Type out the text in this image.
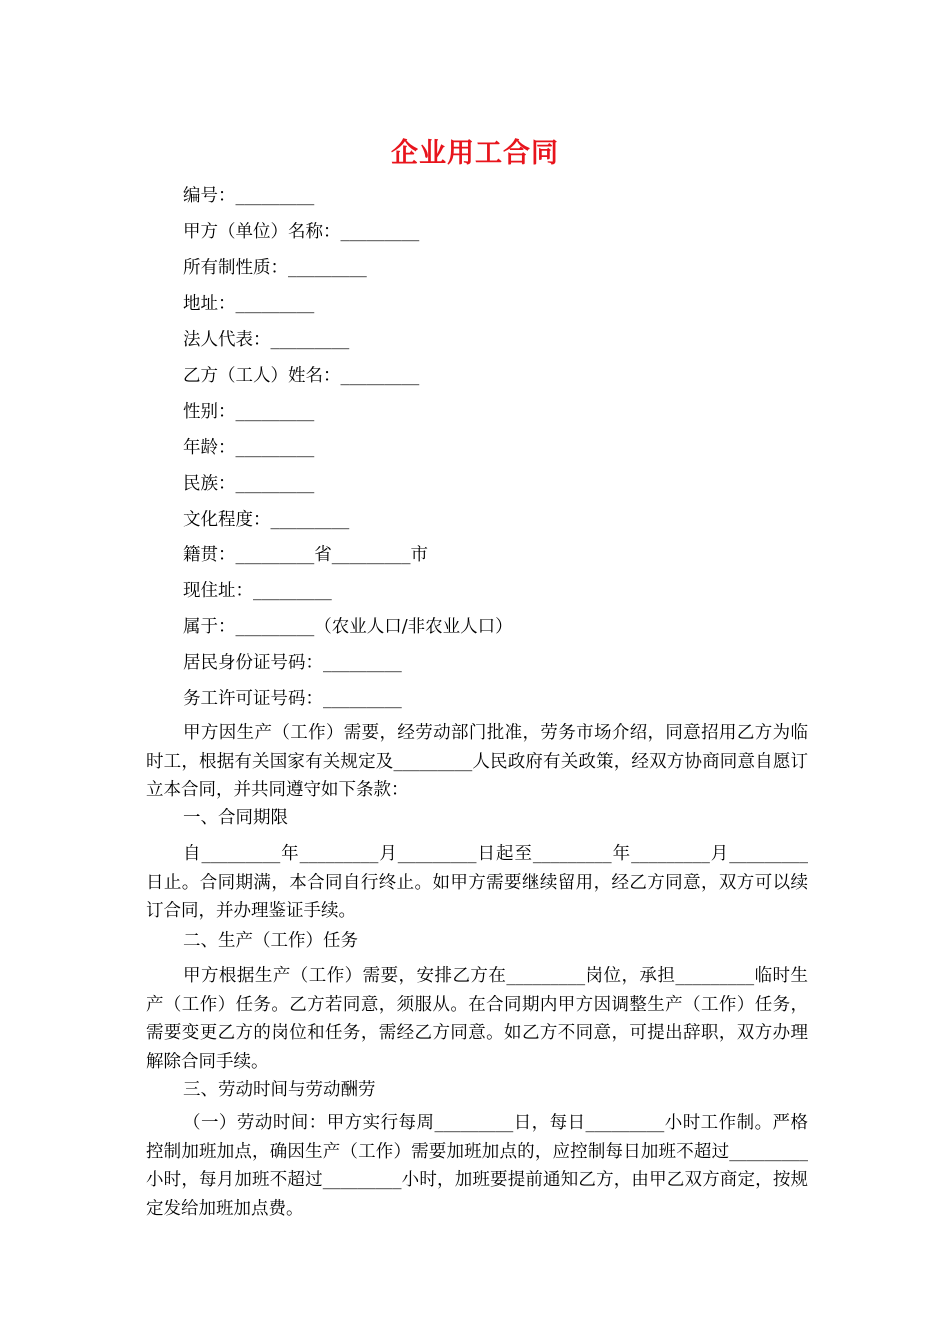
企业用工合同
编号：_________
甲方（单位）名称：_________
所有制性质：_________
地址：_________
法人代表：_________
乙方（工人）姓名：_________
性别：_________
年龄：_________
民族：_________
文化程度：_________
籍贯：_________省_________市
现住址：_________
属于：_________（农业人口/非农业人口）
居民身份证号码：_________
务工许可证号码：_________

甲方因生产（工作）需要，经劳动部门批准，劳务市场介绍，同意招用乙方为临时工，根据有关国家有关规定及_________人民政府有关政策，经双方协商同意自愿订立本合同，并共同遵守如下条款：

一、合同期限

自_________年_________月_________日起至_________年_________月_________日止。合同期满，本合同自行终止。如甲方需要继续留用，经乙方同意，双方可以续订合同，并办理鉴证手续。

二、生产（工作）任务

甲方根据生产（工作）需要，安排乙方在_________岗位，承担_________临时生产（工作）任务。乙方若同意，须服从。在合同期内甲方因调整生产（工作）任务，需要变更乙方的岗位和任务，需经乙方同意。如乙方不同意，可提出辞职，双方办理解除合同手续。

三、劳动时间与劳动酬劳

（一）劳动时间：甲方实行每周_________日，每日_________小时工作制。严格控制加班加点，确因生产（工作）需要加班加点的，应控制每日加班不超过_________小时，每月加班不超过_________小时，加班要提前通知乙方，由甲乙双方商定，按规定发给加班加点费。
